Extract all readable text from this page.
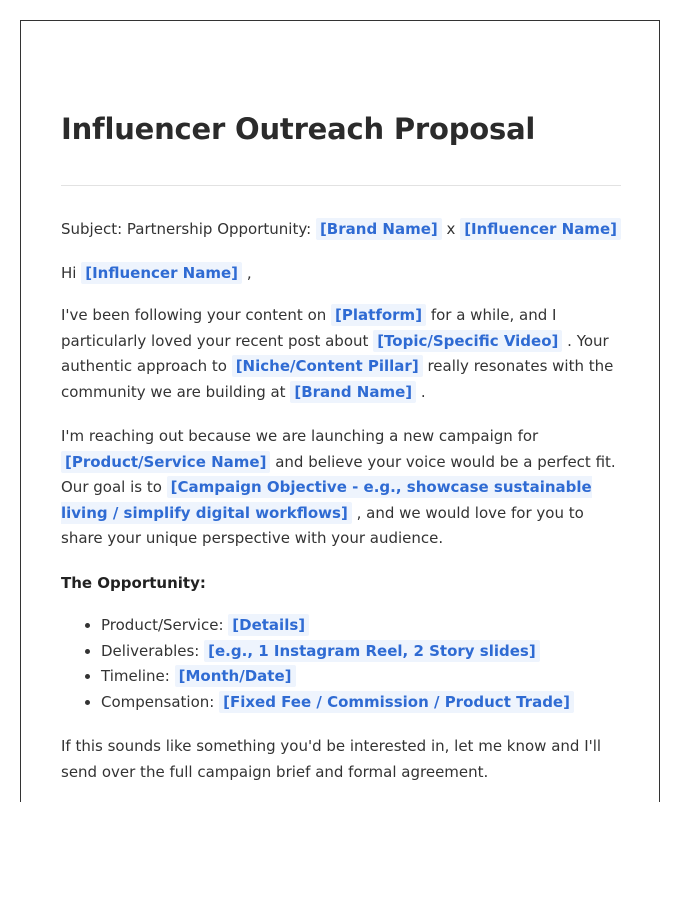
Influencer Outreach Proposal

Subject: Partnership Opportunity: [Brand Name] x [Influencer Name]

Hi [Influencer Name] ,

I've been following your content on [Platform] for a while, and I particularly loved your recent post about [Topic/Specific Video] . Your authentic approach to [Niche/Content Pillar] really resonates with the community we are building at [Brand Name] .

I'm reaching out because we are launching a new campaign for [Product/Service Name] and believe your voice would be a perfect fit. Our goal is to [Campaign Objective - e.g., showcase sustainable living / simplify digital workflows] , and we would love for you to share your unique perspective with your audience.

The Opportunity:

• Product/Service: [Details]
• Deliverables: [e.g., 1 Instagram Reel, 2 Story slides]
• Timeline: [Month/Date]
• Compensation: [Fixed Fee / Commission / Product Trade]

If this sounds like something you'd be interested in, let me know and I'll send over the full campaign brief and formal agreement.
